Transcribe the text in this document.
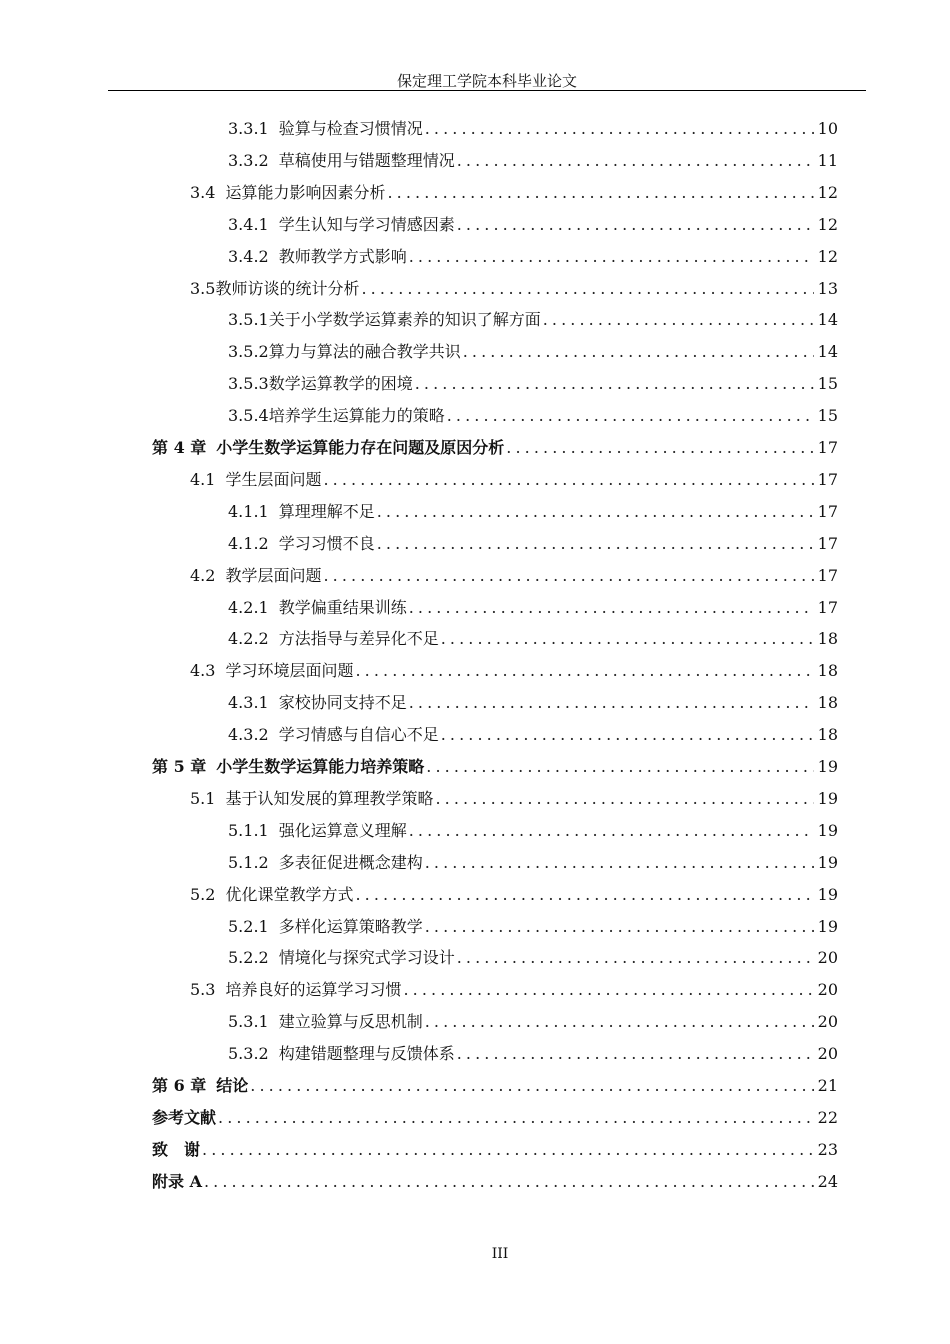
保定理工学院本科毕业论文
3.3.1 验算与检查习惯情况 .....	10
3.3.2 草稿使用与错题整理情况 .....	11
3.4 运算能力影响因素分析 .....	12
3.4.1 学生认知与学习情感因素 .....	12
3.4.2 教师教学方式影响 .....	12
3.5 教师访谈的统计分析 .....	13
3.5.1 关于小学数学运算素养的知识了解方面 .....	14
3.5.2 算力与算法的融合教学共识 .....	14
3.5.3 数学运算教学的困境 .....	15
3.5.4 培养学生运算能力的策略 .....	15
第 4 章 小学生数学运算能力存在问题及原因分析 .....	17
4.1 学生层面问题 .....	17
4.1.1 算理理解不足 .....	17
4.1.2 学习习惯不良 .....	17
4.2 教学层面问题 .....	17
4.2.1 教学偏重结果训练 .....	17
4.2.2 方法指导与差异化不足 .....	18
4.3 学习环境层面问题 .....	18
4.3.1 家校协同支持不足 .....	18
4.3.2 学习情感与自信心不足 .....	18
第 5 章 小学生数学运算能力培养策略 .....	19
5.1 基于认知发展的算理教学策略 .....	19
5.1.1 强化运算意义理解 .....	19
5.1.2 多表征促进概念建构 .....	19
5.2 优化课堂教学方式 .....	19
5.2.1 多样化运算策略教学 .....	19
5.2.2 情境化与探究式学习设计 .....	20
5.3 培养良好的运算学习习惯 .....	20
5.3.1 建立验算与反思机制 .....	20
5.3.2 构建错题整理与反馈体系 .....	20
第 6 章 结论 .....	21
参考文献 .....	22
致　谢 .....	23
附录 A .....	24
III
